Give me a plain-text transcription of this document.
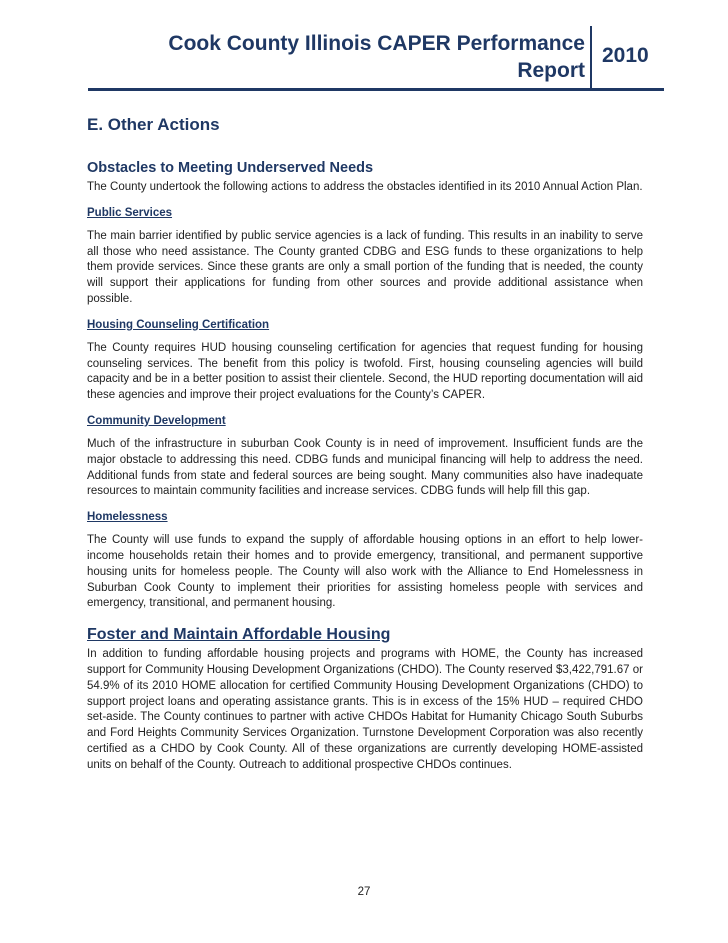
Cook County Illinois CAPER Performance
Report
2010
E. Other Actions
Obstacles to Meeting Underserved Needs

The County undertook the following actions to address the obstacles identified in its 2010 Annual Action Plan.

Public Services

The main barrier identified by public service agencies is a lack of funding. This results in an inability to serve all those who need assistance. The County granted CDBG and ESG funds to these organizations to help them provide services. Since these grants are only a small portion of the funding that is needed, the county will support their applications for funding from other sources and provide additional assistance when possible.

Housing Counseling Certification

The County requires HUD housing counseling certification for agencies that request funding for housing counseling services. The benefit from this policy is twofold. First, housing counseling agencies will build capacity and be in a better position to assist their clientele. Second, the HUD reporting documentation will aid these agencies and improve their project evaluations for the County’s CAPER.

Community Development

Much of the infrastructure in suburban Cook County is in need of improvement. Insufficient funds are the major obstacle to addressing this need. CDBG funds and municipal financing will help to address the need. Additional funds from state and federal sources are being sought. Many communities also have inadequate resources to maintain community facilities and increase services. CDBG funds will help fill this gap.

Homelessness

The County will use funds to expand the supply of affordable housing options in an effort to help lower-income households retain their homes and to provide emergency, transitional, and permanent supportive housing units for homeless people. The County will also work with the Alliance to End Homelessness in Suburban Cook County to implement their priorities for assisting homeless people with services and emergency, transitional, and permanent housing.

Foster and Maintain Affordable Housing

In addition to funding affordable housing projects and programs with HOME, the County has increased support for Community Housing Development Organizations (CHDO). The County reserved $3,422,791.67 or 54.9% of its 2010 HOME allocation for certified Community Housing Development Organizations (CHDO) to support project loans and operating assistance grants. This is in excess of the 15% HUD – required CHDO set-aside. The County continues to partner with active CHDOs Habitat for Humanity Chicago South Suburbs and Ford Heights Community Services Organization. Turnstone Development Corporation was also recently certified as a CHDO by Cook County. All of these organizations are currently developing HOME-assisted units on behalf of the County. Outreach to additional prospective CHDOs continues.

27
